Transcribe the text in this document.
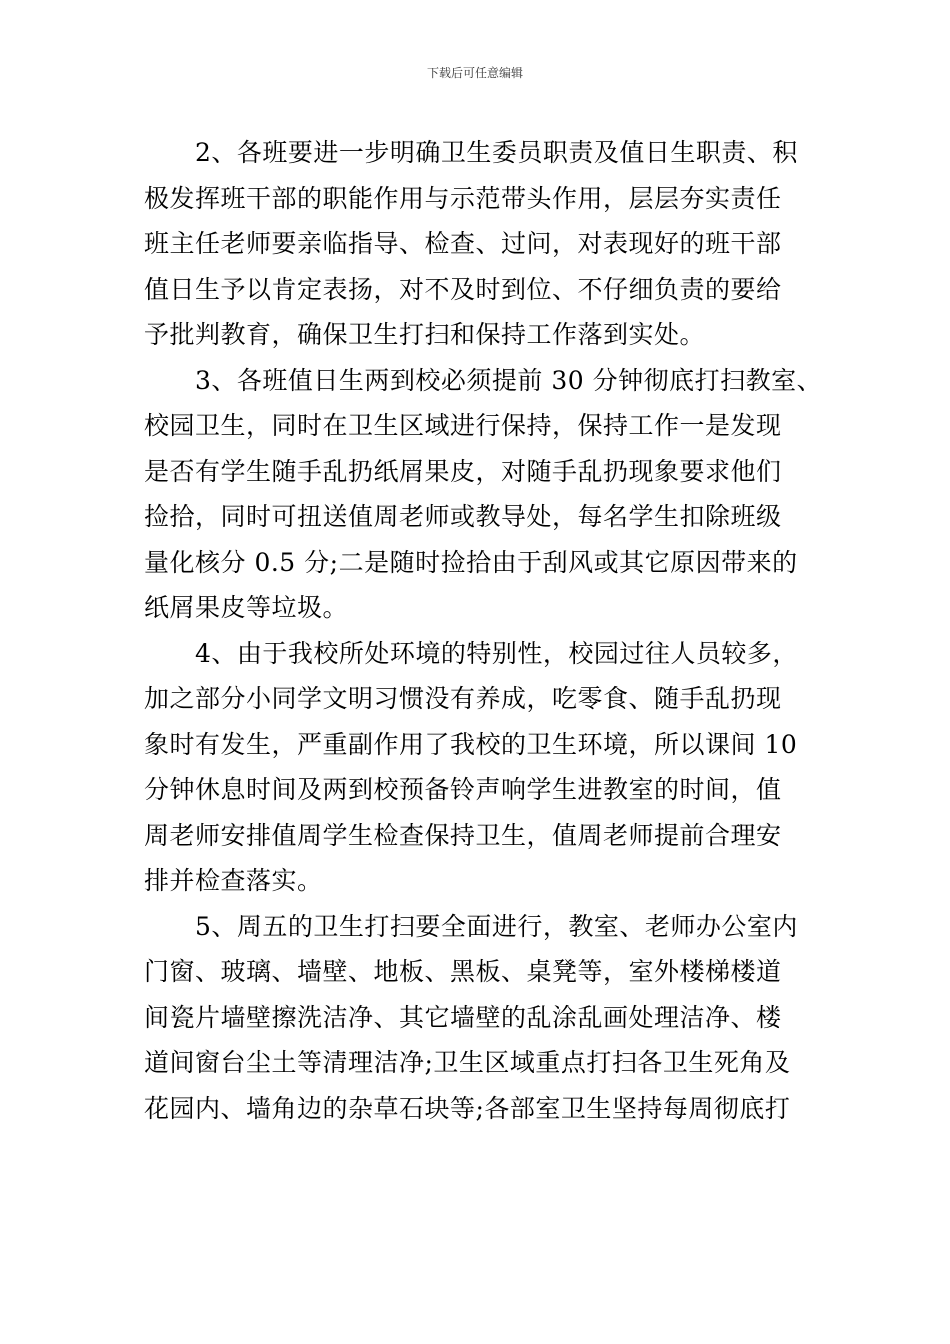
下载后可任意编辑
　　2、各班要进一步明确卫生委员职责及值日生职责、积
极发挥班干部的职能作用与示范带头作用，层层夯实责任
班主任老师要亲临指导、检查、过问，对表现好的班干部
值日生予以肯定表扬，对不及时到位、不仔细负责的要给
予批判教育，确保卫生打扫和保持工作落到实处。
　　3、各班值日生两到校必须提前 30 分钟彻底打扫教室、
校园卫生，同时在卫生区域进行保持，保持工作一是发现
是否有学生随手乱扔纸屑果皮，对随手乱扔现象要求他们
捡拾，同时可扭送值周老师或教导处，每名学生扣除班级
量化核分 0.5 分;二是随时捡拾由于刮风或其它原因带来的
纸屑果皮等垃圾。
　　4、由于我校所处环境的特别性，校园过往人员较多，
加之部分小同学文明习惯没有养成，吃零食、随手乱扔现
象时有发生，严重副作用了我校的卫生环境，所以课间 10
分钟休息时间及两到校预备铃声响学生进教室的时间，值
周老师安排值周学生检查保持卫生，值周老师提前合理安
排并检查落实。
　　5、周五的卫生打扫要全面进行，教室、老师办公室内
门窗、玻璃、墙壁、地板、黑板、桌凳等，室外楼梯楼道
间瓷片墙壁擦洗洁净、其它墙壁的乱涂乱画处理洁净、楼
道间窗台尘土等清理洁净;卫生区域重点打扫各卫生死角及
花园内、墙角边的杂草石块等;各部室卫生坚持每周彻底打
